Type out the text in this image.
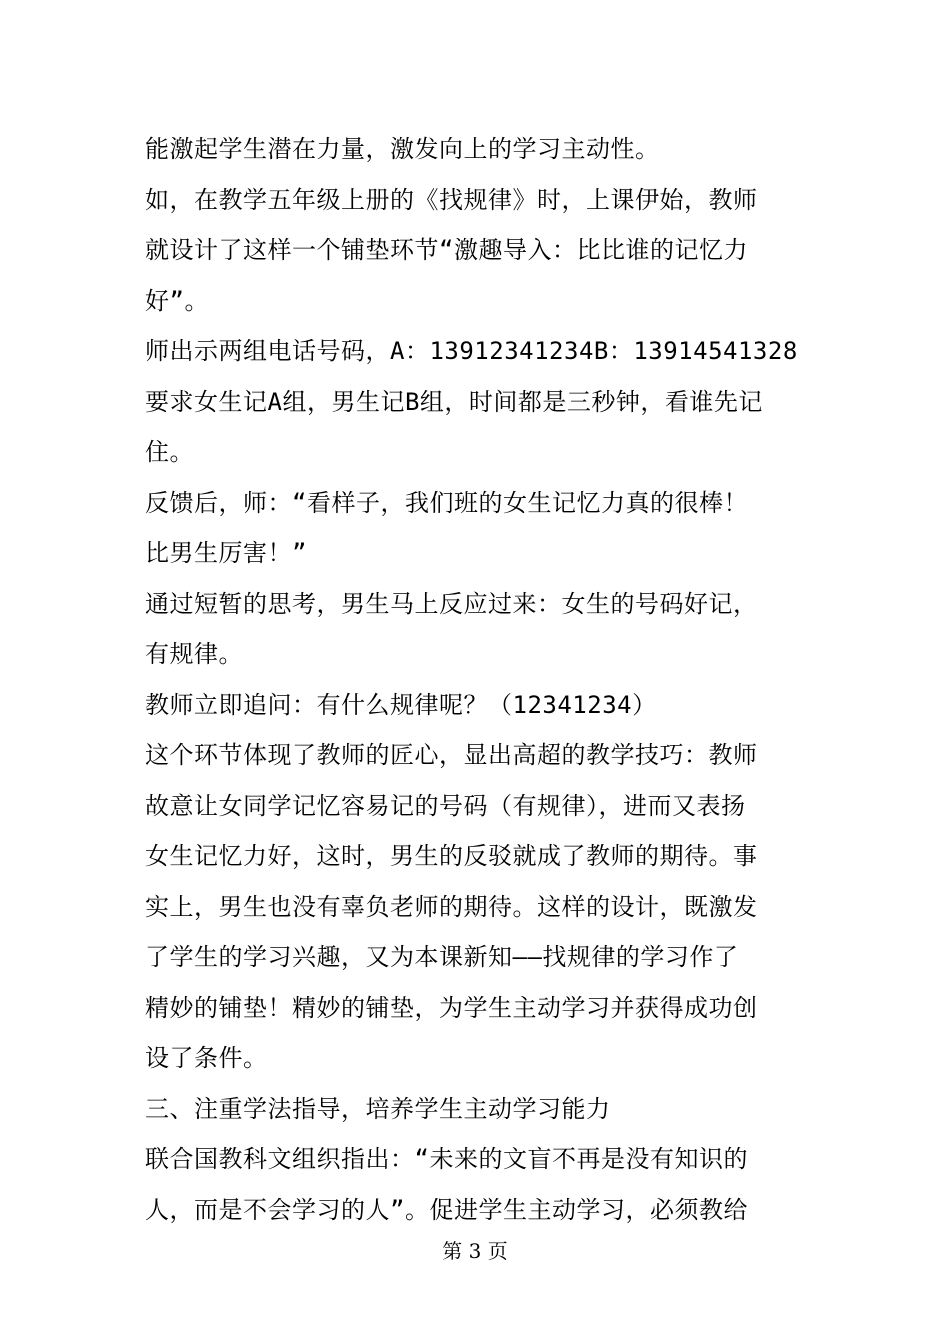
能激起学生潜在力量，激发向上的学习主动性。
如，在教学五年级上册的《找规律》时，上课伊始，教师
就设计了这样一个铺垫环节“激趣导入：比比谁的记忆力
好”。
师出示两组电话号码，A：13912341234B：13914541328
要求女生记A组，男生记B组，时间都是三秒钟，看谁先记
住。
反馈后，师：“看样子，我们班的女生记忆力真的很棒！
比男生厉害！”
通过短暂的思考，男生马上反应过来：女生的号码好记，
有规律。
教师立即追问：有什么规律呢？（12341234）
这个环节体现了教师的匠心，显出高超的教学技巧：教师
故意让女同学记忆容易记的号码（有规律），进而又表扬
女生记忆力好，这时，男生的反驳就成了教师的期待。事
实上，男生也没有辜负老师的期待。这样的设计，既激发
了学生的学习兴趣，又为本课新知——找规律的学习作了
精妙的铺垫！精妙的铺垫，为学生主动学习并获得成功创
设了条件。
三、注重学法指导，培养学生主动学习能力
联合国教科文组织指出：“未来的文盲不再是没有知识的
人，而是不会学习的人”。促进学生主动学习，必须教给
第 3 页
